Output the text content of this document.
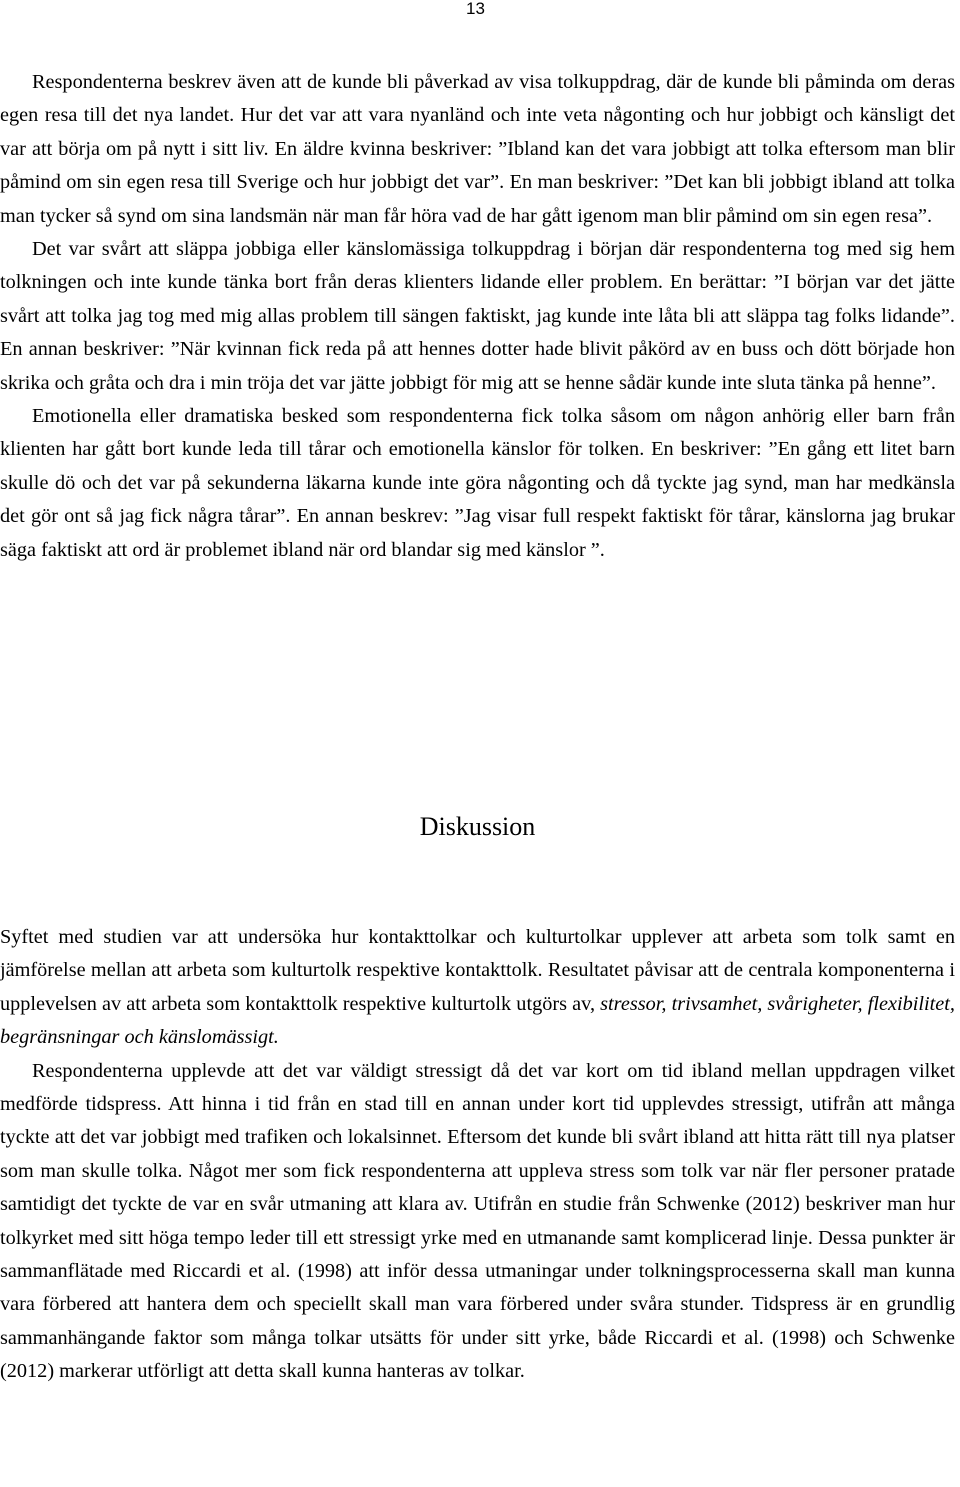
13

Respondenterna beskrev även att de kunde bli påverkad av visa tolkuppdrag, där de kunde bli påminda om deras egen resa till det nya landet. Hur det var att vara nyanländ och inte veta någonting och hur jobbigt och känsligt det var att börja om på nytt i sitt liv. En äldre kvinna beskriver: ”Ibland kan det vara jobbigt att tolka eftersom man blir påmind om sin egen resa till Sverige och hur jobbigt det var”. En man beskriver: ”Det kan bli jobbigt ibland att tolka man tycker så synd om sina landsmän när man får höra vad de har gått igenom man blir påmind om sin egen resa”.

Det var svårt att släppa jobbiga eller känslomässiga tolkuppdrag i början där respondenterna tog med sig hem tolkningen och inte kunde tänka bort från deras klienters lidande eller problem. En berättar: ”I början var det jätte svårt att tolka jag tog med mig allas problem till sängen faktiskt, jag kunde inte låta bli att släppa tag folks lidande”. En annan beskriver: ”När kvinnan fick reda på att hennes dotter hade blivit påkörd av en buss och dött började hon skrika och gråta och dra i min tröja det var jätte jobbigt för mig att se henne sådär kunde inte sluta tänka på henne”.

Emotionella eller dramatiska besked som respondenterna fick tolka såsom om någon anhörig eller barn från klienten har gått bort kunde leda till tårar och emotionella känslor för tolken. En beskriver: ”En gång ett litet barn skulle dö och det var på sekunderna läkarna kunde inte göra någonting och då tyckte jag synd, man har medkänsla det gör ont så jag fick några tårar”. En annan beskrev: ”Jag visar full respekt faktiskt för tårar, känslorna jag brukar säga faktiskt att ord är problemet ibland när ord blandar sig med känslor ”.

Diskussion

Syftet med studien var att undersöka hur kontakttolkar och kulturtolkar upplever att arbeta som tolk samt en jämförelse mellan att arbeta som kulturtolk respektive kontakttolk. Resultatet påvisar att de centrala komponenterna i upplevelsen av att arbeta som kontakttolk respektive kulturtolk utgörs av, stressor, trivsamhet, svårigheter, flexibilitet, begränsningar och känslomässigt.

Respondenterna upplevde att det var väldigt stressigt då det var kort om tid ibland mellan uppdragen vilket medförde tidspress. Att hinna i tid från en stad till en annan under kort tid upplevdes stressigt, utifrån att många tyckte att det var jobbigt med trafiken och lokalsinnet. Eftersom det kunde bli svårt ibland att hitta rätt till nya platser som man skulle tolka. Något mer som fick respondenterna att uppleva stress som tolk var när fler personer pratade samtidigt det tyckte de var en svår utmaning att klara av. Utifrån en studie från Schwenke (2012) beskriver man hur tolkyrket med sitt höga tempo leder till ett stressigt yrke med en utmanande samt komplicerad linje. Dessa punkter är sammanflätade med Riccardi et al. (1998) att inför dessa utmaningar under tolkningsprocesserna skall man kunna vara förbered att hantera dem och speciellt skall man vara förbered under svåra stunder. Tidspress är en grundlig sammanhängande faktor som många tolkar utsätts för under sitt yrke, både Riccardi et al. (1998) och Schwenke (2012) markerar utförligt att detta skall kunna hanteras av tolkar.
